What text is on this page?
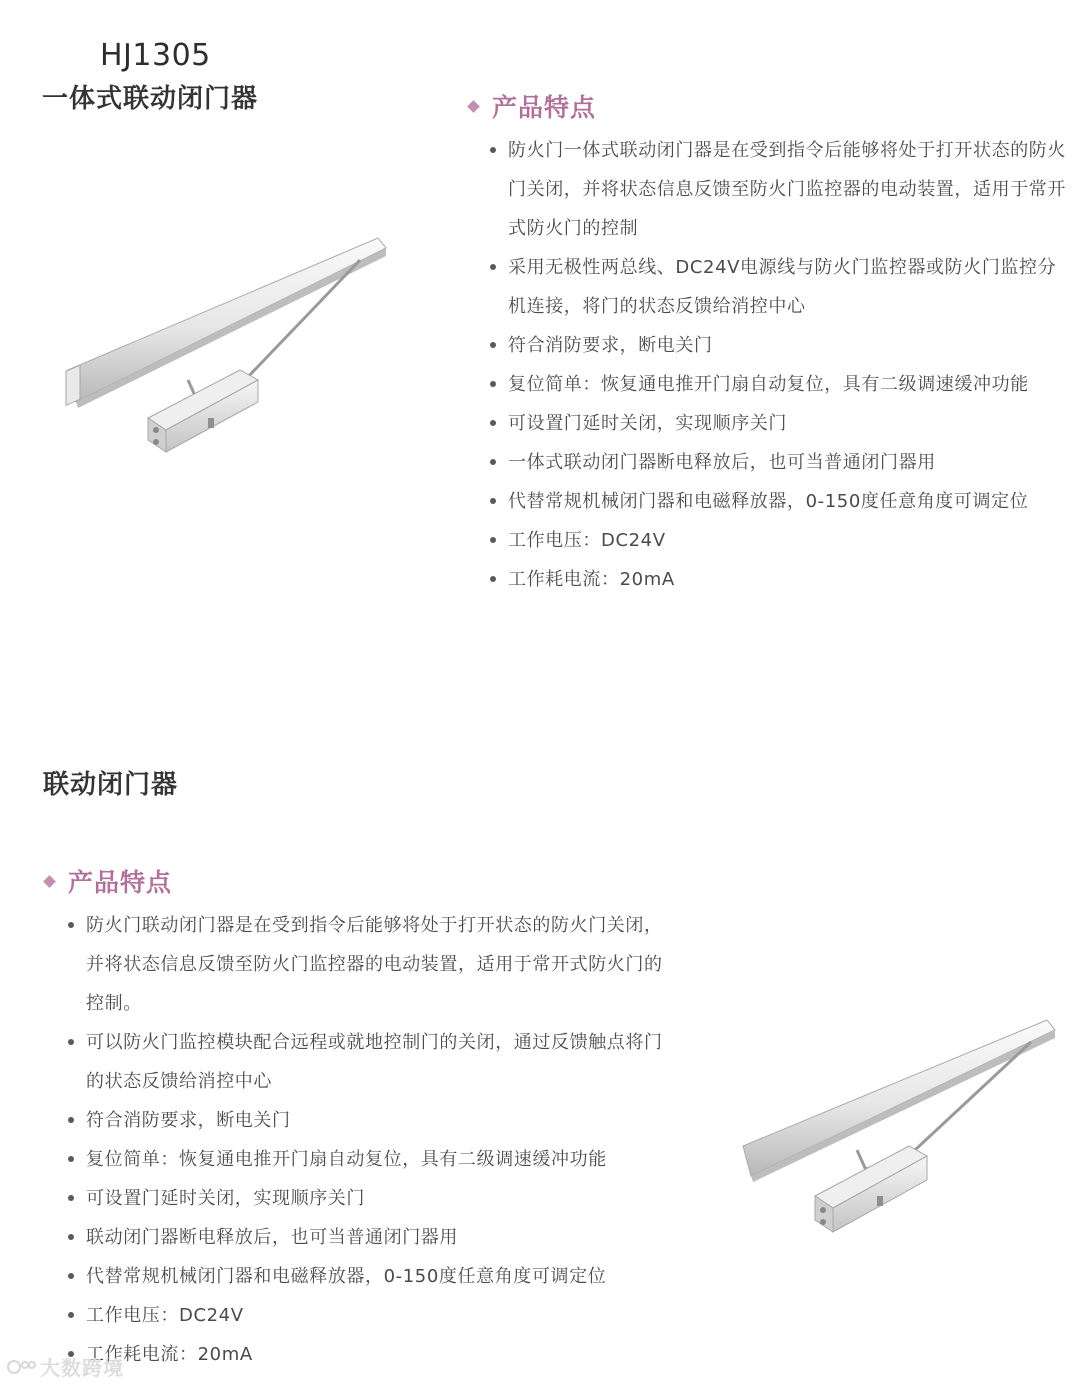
HJ1305
一体式联动闭门器	产品特点
防火门一体式联动闭门器是在受到指令后能够将处于打开状态的防火门关闭，并将状态信息反馈至防火门监控器的电动装置，适用于常开式防火门的控制
采用无极性两总线、DC24V电源线与防火门监控器或防火门监控分机连接，将门的状态反馈给消控中心
符合消防要求，断电关门
复位简单：恢复通电推开门扇自动复位，具有二级调速缓冲功能
可设置门延时关闭，实现顺序关门
一体式联动闭门器断电释放后，也可当普通闭门器用
代替常规机械闭门器和电磁释放器，0-150度任意角度可调定位
工作电压：DC24V
工作耗电流：20mA
联动闭门器
产品特点
防火门联动闭门器是在受到指令后能够将处于打开状态的防火门关闭，并将状态信息反馈至防火门监控器的电动装置，适用于常开式防火门的控制。
可以防火门监控模块配合远程或就地控制门的关闭，通过反馈触点将门的状态反馈给消控中心
符合消防要求，断电关门
复位简单：恢复通电推开门扇自动复位，具有二级调速缓冲功能
可设置门延时关闭，实现顺序关门
联动闭门器断电释放后，也可当普通闭门器用
代替常规机械闭门器和电磁释放器，0-150度任意角度可调定位
工作电压：DC24V
工作耗电流：20mA
大数跨境
